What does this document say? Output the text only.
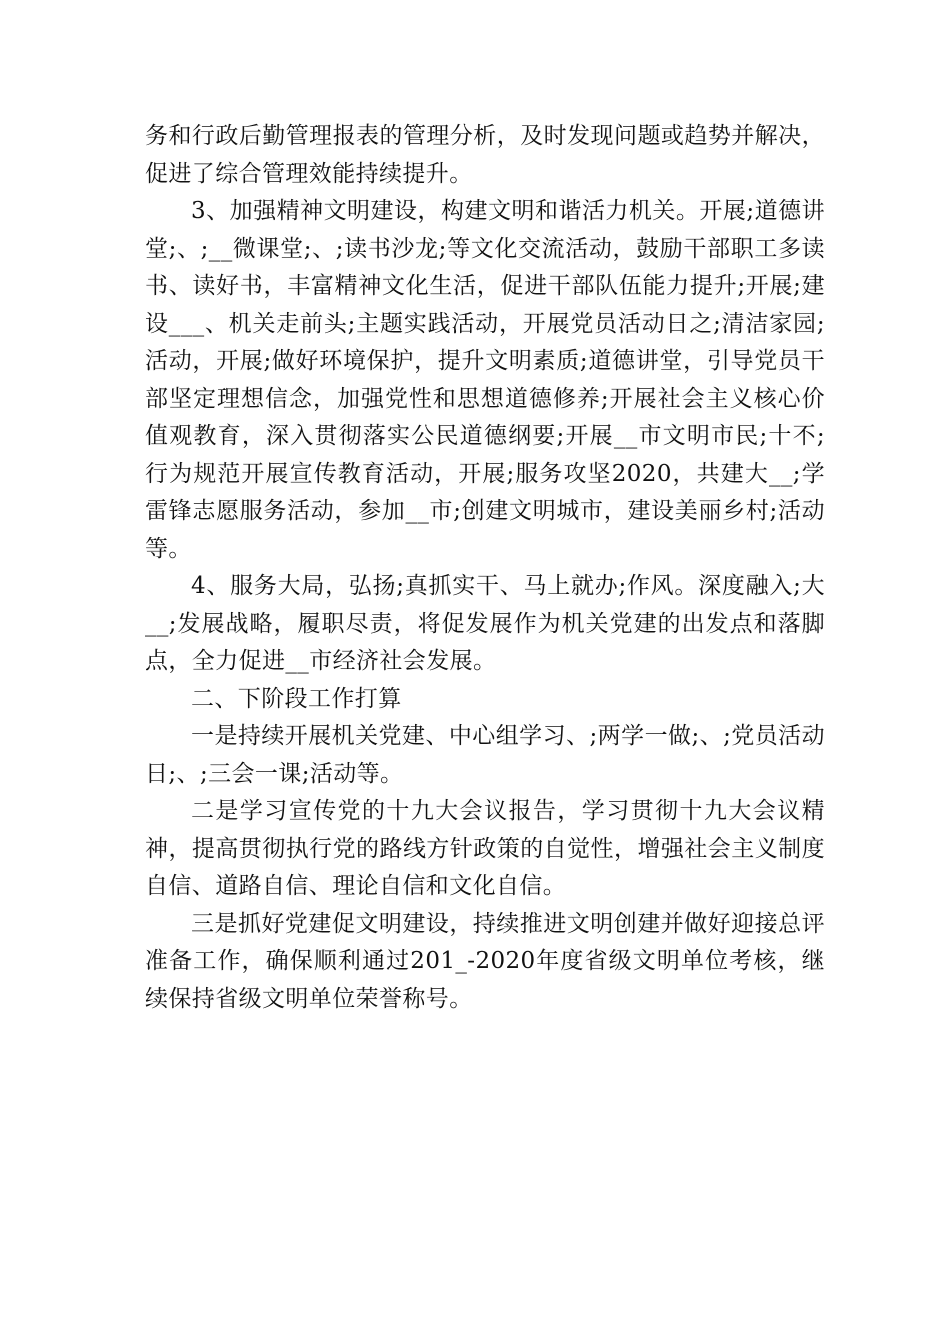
务和行政后勤管理报表的管理分析，及时发现问题或趋势并解决，促进了综合管理效能持续提升。

3、加强精神文明建设，构建文明和谐活力机关。开展;道德讲堂;、;__微课堂;、;读书沙龙;等文化交流活动，鼓励干部职工多读书、读好书，丰富精神文化生活，促进干部队伍能力提升;开展;建设___、机关走前头;主题实践活动，开展党员活动日之;清洁家园;活动，开展;做好环境保护，提升文明素质;道德讲堂，引导党员干部坚定理想信念，加强党性和思想道德修养;开展社会主义核心价值观教育，深入贯彻落实公民道德纲要;开展__市文明市民;十不;行为规范开展宣传教育活动，开展;服务攻坚2020，共建大__;学雷锋志愿服务活动，参加__市;创建文明城市，建设美丽乡村;活动等。

4、服务大局，弘扬;真抓实干、马上就办;作风。深度融入;大__;发展战略，履职尽责，将促发展作为机关党建的出发点和落脚点，全力促进__市经济社会发展。

二、下阶段工作打算

一是持续开展机关党建、中心组学习、;两学一做;、;党员活动日;、;三会一课;活动等。

二是学习宣传党的十九大会议报告，学习贯彻十九大会议精神，提高贯彻执行党的路线方针政策的自觉性，增强社会主义制度自信、道路自信、理论自信和文化自信。

三是抓好党建促文明建设，持续推进文明创建并做好迎接总评准备工作，确保顺利通过201_-2020年度省级文明单位考核，继续保持省级文明单位荣誉称号。
